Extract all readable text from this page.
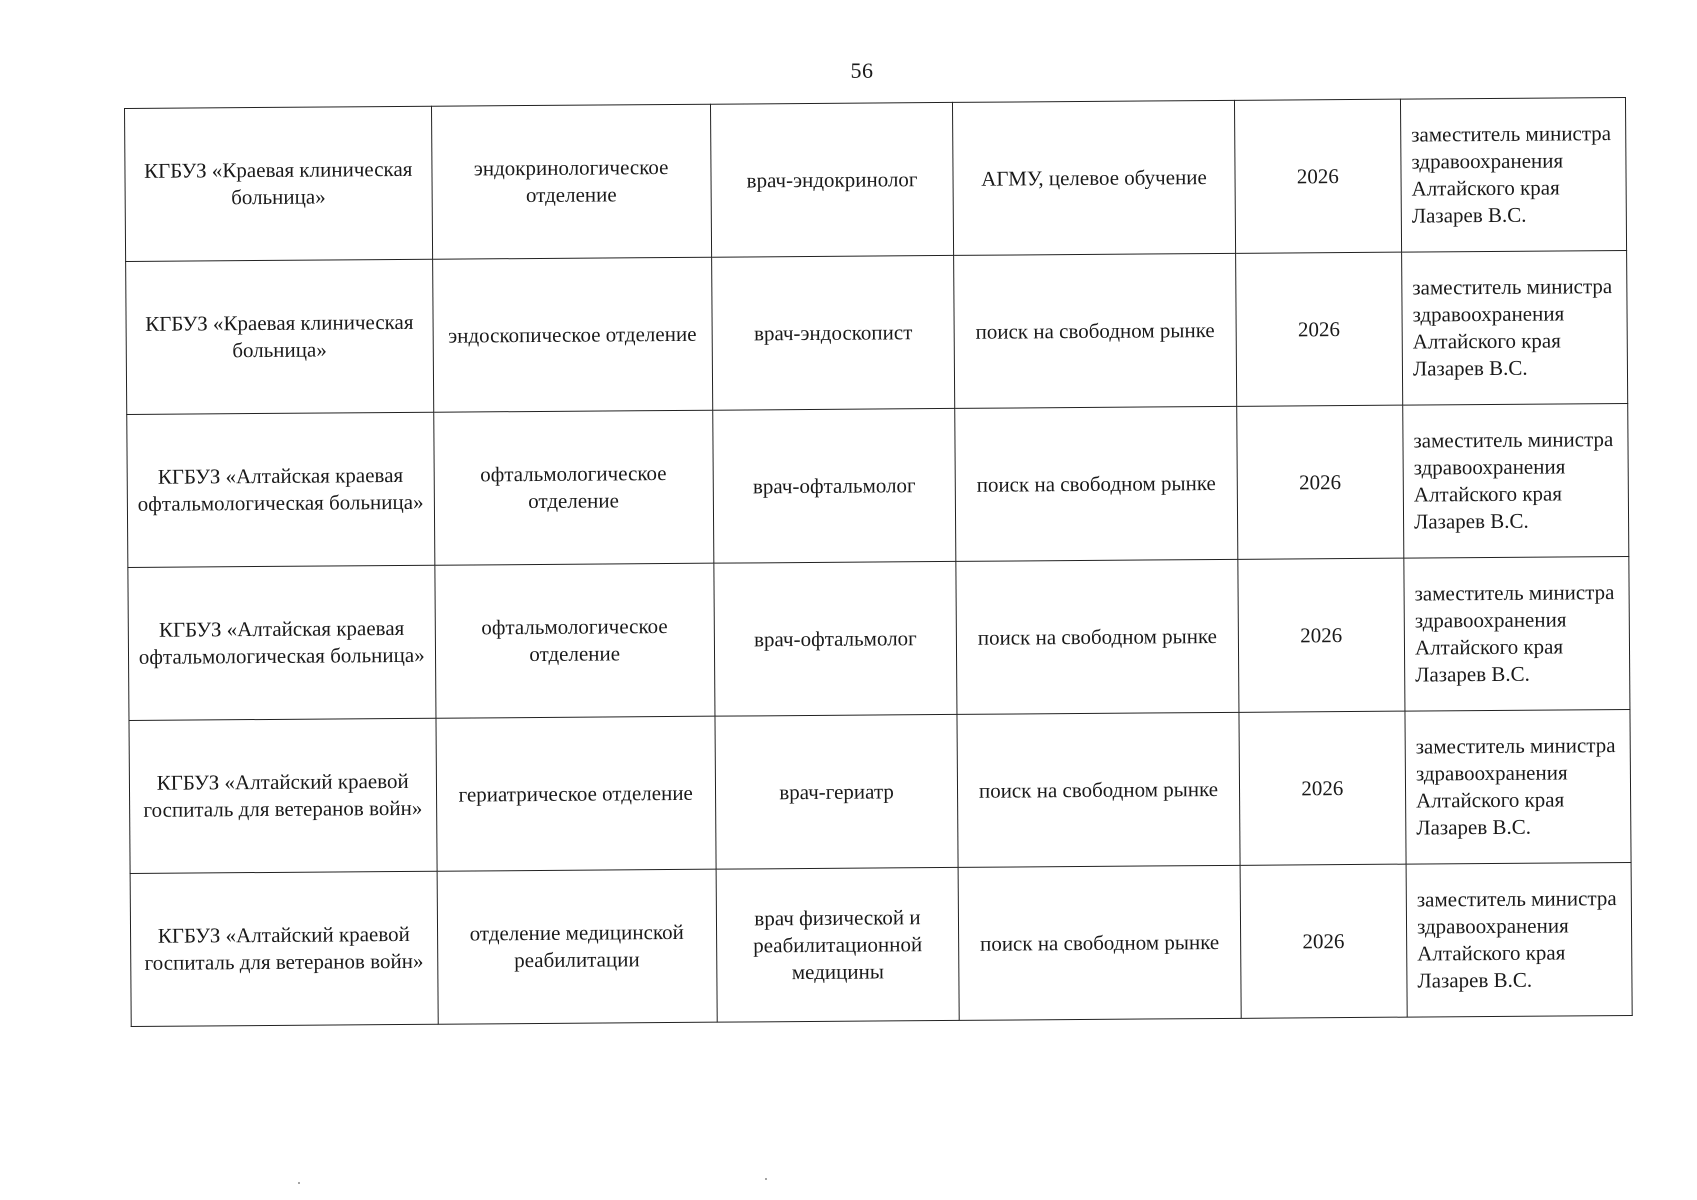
56
КГБУЗ «Краевая клиническая больница»	эндокринологическое отделение	врач-эндокринолог	АГМУ, целевое обучение	2026	заместитель министра здравоохранения Алтайского края Лазарев В.С.

КГБУЗ «Краевая клиническая больница»	эндоскопическое отделение	врач-эндоскопист	поиск на свободном рынке	2026	заместитель министра здравоохранения Алтайского края Лазарев В.С.

КГБУЗ «Алтайская краевая офтальмологическая больница»	офтальмологическое отделение	врач-офтальмолог	поиск на свободном рынке	2026	заместитель министра здравоохранения Алтайского края Лазарев В.С.

КГБУЗ «Алтайская краевая офтальмологическая больница»	офтальмологическое отделение	врач-офтальмолог	поиск на свободном рынке	2026	заместитель министра здравоохранения Алтайского края Лазарев В.С.

КГБУЗ «Алтайский краевой госпиталь для ветеранов войн»	гериатрическое отделение	врач-гериатр	поиск на свободном рынке	2026	заместитель министра здравоохранения Алтайского края Лазарев В.С.

КГБУЗ «Алтайский краевой госпиталь для ветеранов войн»	отделение медицинской реабилитации	врач физической и реабилитационной медицины	поиск на свободном рынке	2026	заместитель министра здравоохранения Алтайского края Лазарев В.С.
